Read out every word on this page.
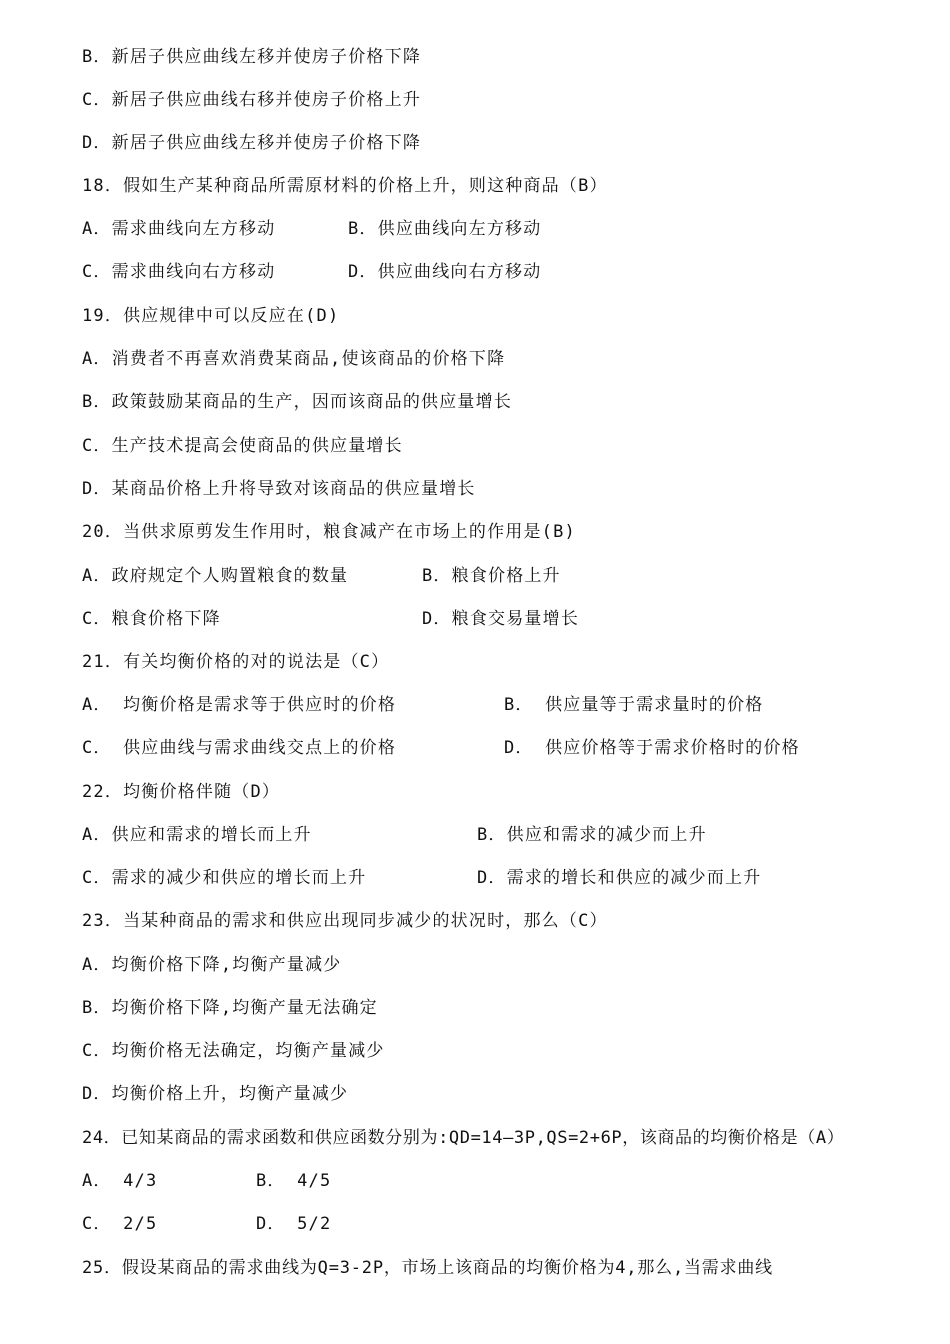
B．新居子供应曲线左移并使房子价格下降
C．新居子供应曲线右移并使房子价格上升
D．新居子供应曲线左移并使房子价格下降
18．假如生产某种商品所需原材料的价格上升，则这种商品（B）
A．需求曲线向左方移动	B．供应曲线向左方移动
C．需求曲线向右方移动	D．供应曲线向右方移动
19．供应规律中可以反应在(D)
A．消费者不再喜欢消费某商品,使该商品的价格下降
B．政策鼓励某商品的生产，因而该商品的供应量增长
C．生产技术提高会使商品的供应量增长
D．某商品价格上升将导致对该商品的供应量增长
20．当供求原剪发生作用时，粮食减产在市场上的作用是(B)
A．政府规定个人购置粮食的数量	B．粮食价格上升
C．粮食价格下降	D．粮食交易量增长
21．有关均衡价格的对的说法是（C）
A． 均衡价格是需求等于供应时的价格	B． 供应量等于需求量时的价格
C． 供应曲线与需求曲线交点上的价格	D． 供应价格等于需求价格时的价格
22．均衡价格伴随（D）
A．供应和需求的增长而上升	B．供应和需求的减少而上升
C．需求的减少和供应的增长而上升	D．需求的增长和供应的减少而上升
23．当某种商品的需求和供应出现同步减少的状况时，那么（C）
A．均衡价格下降,均衡产量减少
B．均衡价格下降,均衡产量无法确定
C．均衡价格无法确定，均衡产量减少
D．均衡价格上升，均衡产量减少
24．已知某商品的需求函数和供应函数分别为:QD=14—3P,QS=2+6P，该商品的均衡价格是（A）
A． 4/3	B． 4/5
C． 2/5	D． 5/2
25．假设某商品的需求曲线为Q=3-2P，市场上该商品的均衡价格为4,那么,当需求曲线
